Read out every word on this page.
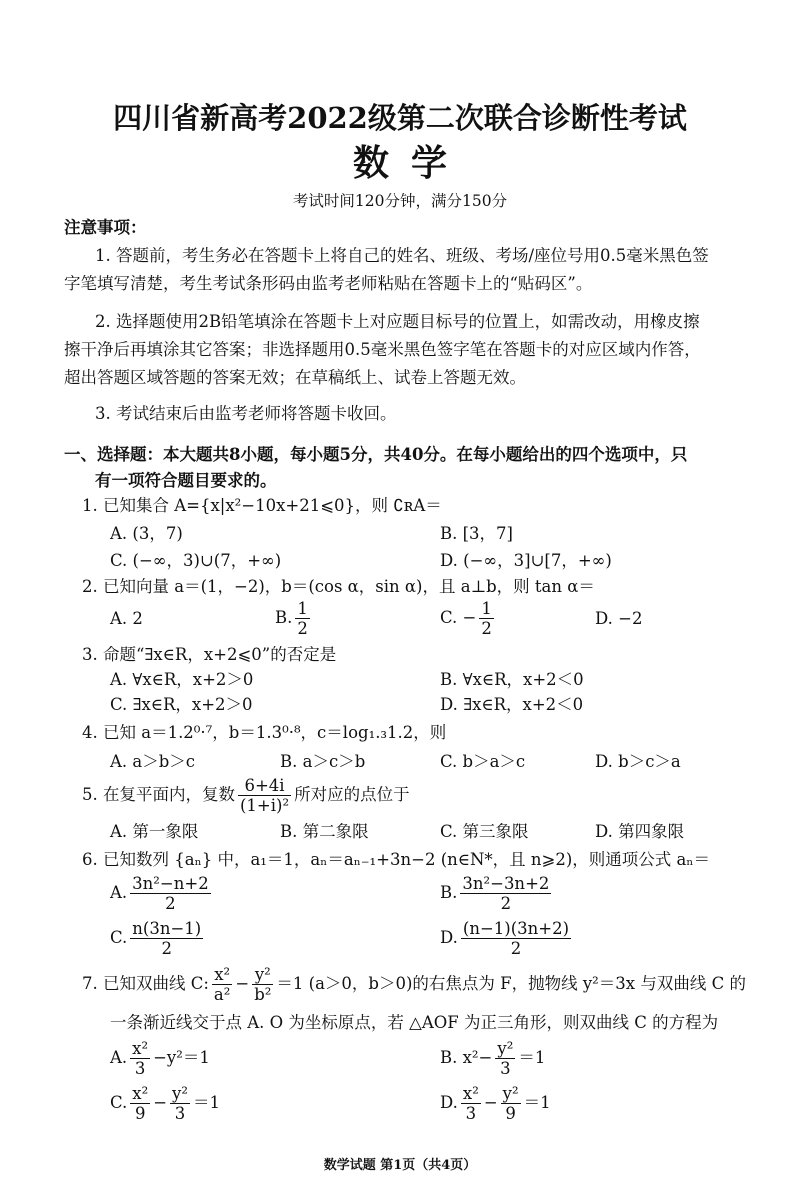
四川省新高考2022级第二次联合诊断性考试
数学
考试时间120分钟，满分150分
注意事项：
1. 答题前，考生务必在答题卡上将自己的姓名、班级、考场/座位号用0.5毫米黑色签
字笔填写清楚，考生考试条形码由监考老师粘贴在答题卡上的“贴码区”。
2. 选择题使用2B铅笔填涂在答题卡上对应题目标号的位置上，如需改动，用橡皮擦
擦干净后再填涂其它答案；非选择题用0.5毫米黑色签字笔在答题卡的对应区域内作答，
超出答题区域答题的答案无效；在草稿纸上、试卷上答题无效。
3. 考试结束后由监考老师将答题卡收回。
一、选择题：本大题共8小题，每小题5分，共40分。在每小题给出的四个选项中，只
有一项符合题目要求的。
1. 已知集合 A={x|x²−10x+21⩽0}，则 ∁ʀA＝
A. (3，7)	B. [3，7]
C. (−∞，3)∪(7，+∞)	D. (−∞，3]∪[7，+∞)
2. 已知向量 a＝(1，−2)，b＝(cos α，sin α)，且 a⊥b，则 tan α＝
A. 2	B. $\frac{1}{2}$	C. − $\frac{1}{2}$	D. −2
3. 命题“∃x∈R，x+2⩽0”的否定是
A. ∀x∈R，x+2＞0	B. ∀x∈R，x+2＜0
C. ∃x∈R，x+2＞0	D. ∃x∈R，x+2＜0
4. 已知 a＝1.2⁰·⁷，b＝1.3⁰·⁸，c＝log₁.₃1.2，则
A. a＞b＞c	B. a＞c＞b	C. b＞a＞c	D. b＞c＞a
5. 在复平面内，复数 $\frac{6+4i}{\text{(1+i)²}}$ 所对应的点位于
A. 第一象限	B. 第二象限	C. 第三象限	D. 第四象限
6. 已知数列 {aₙ} 中，a₁＝1，aₙ＝aₙ₋₁+3n−2 (n∈N*，且 n⩾2)，则通项公式 aₙ＝
A. $\frac{\text{3n²−n+2}}{2}$	B. $\frac{\text{3n²−3n+2}}{2}$
C. $\frac{n(3n-1)}{2}$	D. $\frac{(n-1)(3n+2)}{2}$
7. 已知双曲线 C: $\frac{\text{x²}}{\text{a²}} - \frac{\text{y²}}{\text{b²}} =1$ (a＞0，b＞0)的右焦点为 F，抛物线 y²＝3x 与双曲线 C 的
一条渐近线交于点 A. O 为坐标原点，若 △AOF 为正三角形，则双曲线 C 的方程为
A. $\frac{\text{x²}}{3} -y^2=1$	B. $x^2- \frac{\text{y²}}{3} =1$
C. $\frac{\text{x²}}{9} - \frac{\text{y²}}{3} =1$	D. $\frac{\text{x²}}{3} - \frac{\text{y²}}{9} =1$
数学试题 第1页（共4页）
